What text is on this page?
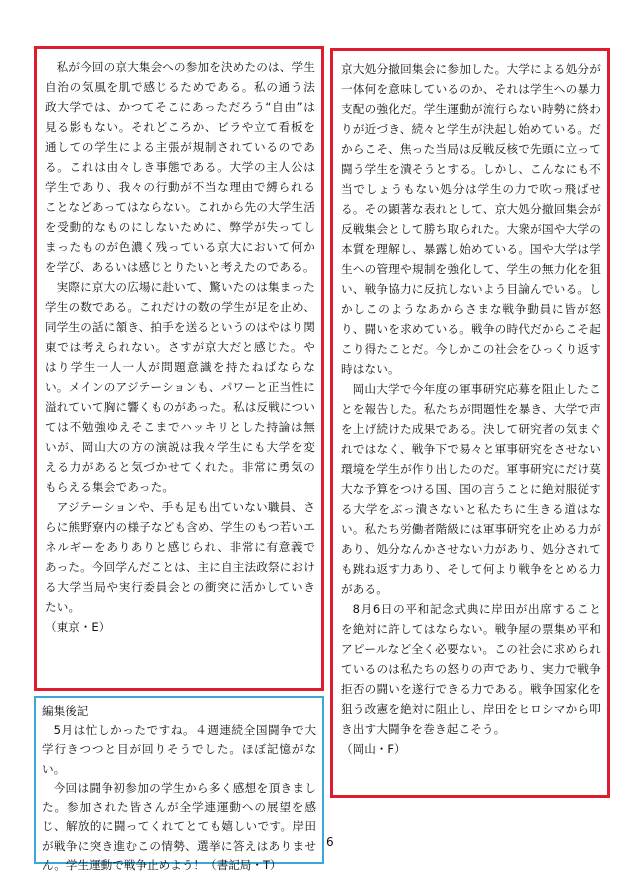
私が今回の京大集会への参加を決めたのは、学生自治の気風を肌で感じるためである。私の通う法政大学では、かつてそこにあっただろう“自由”は見る影もない。それどころか、ビラや立て看板を通しての学生による主張が規制されているのである。これは由々しき事態である。大学の主人公は学生であり、我々の行動が不当な理由で縛られることなどあってはならない。これから先の大学生活を受動的なものにしないために、弊学が失ってしまったものが色濃く残っている京大において何かを学び、あるいは感じとりたいと考えたのである。

実際に京大の広場に赴いて、驚いたのは集まった学生の数である。これだけの数の学生が足を止め、同学生の話に頷き、拍手を送るというのはやはり関東では考えられない。さすが京大だと感じた。やはり学生一人一人が問題意識を持たねばならない。メインのアジテーションも、パワーと正当性に溢れていて胸に響くものがあった。私は反戦については不勉強ゆえそこまでハッキリとした持論は無いが、岡山大の方の演説は我々学生にも大学を変える力があると気づかせてくれた。非常に勇気のもらえる集会であった。

アジテーションや、手も足も出ていない職員、さらに熊野寮内の様子なども含め、学生のもつ若いエネルギーをありありと感じられ、非常に有意義であった。今回学んだことは、主に自主法政祭における大学当局や実行委員会との衝突に活かしていきたい。

（東京・E）

京大処分撤回集会に参加した。大学による処分が一体何を意味しているのか、それは学生への暴力支配の強化だ。学生運動が流行らない時勢に終わりが近づき、続々と学生が決起し始めている。だからこそ、焦った当局は反戦反核で先頭に立って闘う学生を潰そうとする。しかし、こんなにも不当でしょうもない処分は学生の力で吹っ飛ばせる。その顕著な表れとして、京大処分撤回集会が反戦集会として勝ち取られた。大衆が国や大学の本質を理解し、暴露し始めている。国や大学は学生への管理や規制を強化して、学生の無力化を狙い、戦争協力に反抗しないよう目論んでいる。しかしこのようなあからさまな戦争動員に皆が怒り、闘いを求めている。戦争の時代だからこそ起こり得たことだ。今しかこの社会をひっくり返す時はない。

岡山大学で今年度の軍事研究応募を阻止したことを報告した。私たちが問題性を暴き、大学で声を上げ続けた成果である。決して研究者の気まぐれではなく、戦争下で易々と軍事研究をさせない環境を学生が作り出したのだ。軍事研究にだけ莫大な予算をつける国、国の言うことに絶対服従する大学をぶっ潰さないと私たちに生きる道はない。私たち労働者階級には軍事研究を止める力があり、処分なんかさせない力があり、処分されても跳ね返す力あり、そして何より戦争をとめる力がある。

8月6日の平和記念式典に岸田が出席することを絶対に許してはならない。戦争屋の票集め平和アピールなど全く必要ない。この社会に求められているのは私たちの怒りの声であり、実力で戦争拒否の闘いを遂行できる力である。戦争国家化を狙う改憲を絶対に阻止し、岸田をヒロシマから叩き出す大闘争を巻き起こそう。

（岡山・F）

編集後記

5月は忙しかったですね。４週連続全国闘争で大学行きつつと目が回りそうでした。ほぼ記憶がない。

今回は闘争初参加の学生から多く感想を頂きました。参加された皆さんが全学連運動への展望を感じ、解放的に闘ってくれてとても嬉しいです。岸田が戦争に突き進むこの情勢、選挙に答えはありません。学生運動で戦争止めよう！（書記局・T）

6
